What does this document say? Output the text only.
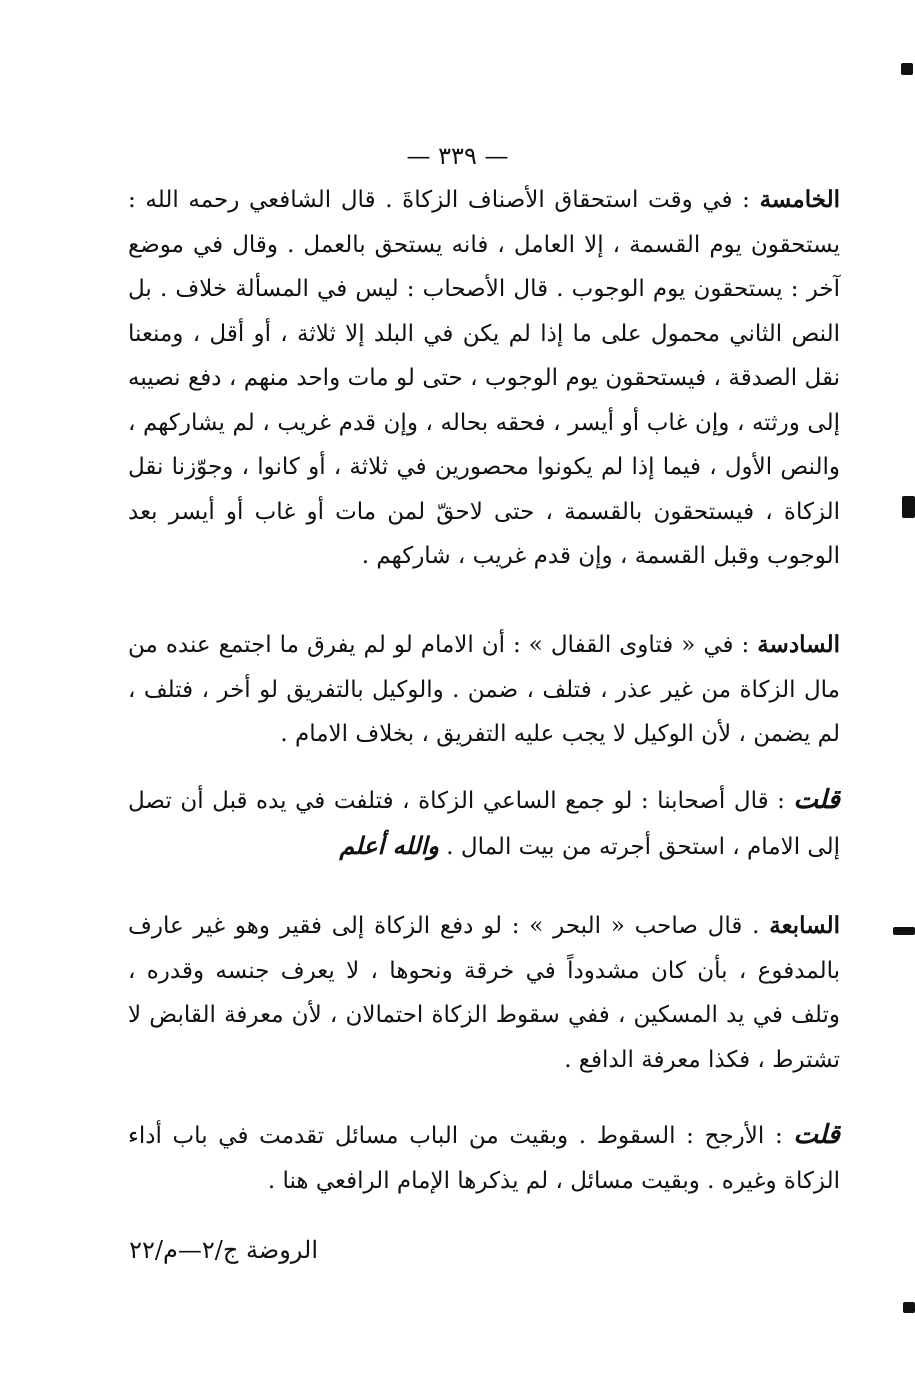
— ٣٣٩ —

الخامسة : في وقت استحقاق الأصناف الزكاةَ . قال الشافعي رحمه الله : يستحقون يوم القسمة ، إلا العامل ، فانه يستحق بالعمل . وقال في موضع آخر : يستحقون يوم الوجوب . قال الأصحاب : ليس في المسألة خلاف . بل النص الثاني محمول على ما إذا لم يكن في البلد إلا ثلاثة ، أو أقل ، ومنعنا نقل الصدقة ، فيستحقون يوم الوجوب ، حتى لو مات واحد منهم ، دفع نصيبه إلى ورثته ، وإن غاب أو أيسر ، فحقه بحاله ، وإن قدم غريب ، لم يشاركهم ، والنص الأول ، فيما إذا لم يكونوا محصورين في ثلاثة ، أو كانوا ، وجوّزنا نقل الزكاة ، فيستحقون بالقسمة ، حتى لاحقّ لمن مات أو غاب أو أيسر بعد الوجوب وقبل القسمة ، وإن قدم غريب ، شاركهم .

السادسة : في « فتاوى القفال » : أن الامام لو لم يفرق ما اجتمع عنده من مال الزكاة من غير عذر ، فتلف ، ضمن . والوكيل بالتفريق لو أخر ، فتلف ، لم يضمن ، لأن الوكيل لا يجب عليه التفريق ، بخلاف الامام .

قلت : قال أصحابنا : لو جمع الساعي الزكاة ، فتلفت في يده قبل أن تصل إلى الامام ، استحق أجرته من بيت المال . والله أعلم

السابعة . قال صاحب « البحر » : لو دفع الزكاة إلى فقير وهو غير عارف بالمدفوع ، بأن كان مشدوداً في خرقة ونحوها ، لا يعرف جنسه وقدره ، وتلف في يد المسكين ، ففي سقوط الزكاة احتمالان ، لأن معرفة القابض لا تشترط ، فكذا معرفة الدافع .

قلت : الأرجح : السقوط . وبقيت من الباب مسائل تقدمت في باب أداء الزكاة وغيره . وبقيت مسائل ، لم يذكرها الإمام الرافعي هنا .

الروضة ج/٢—م/٢٢
